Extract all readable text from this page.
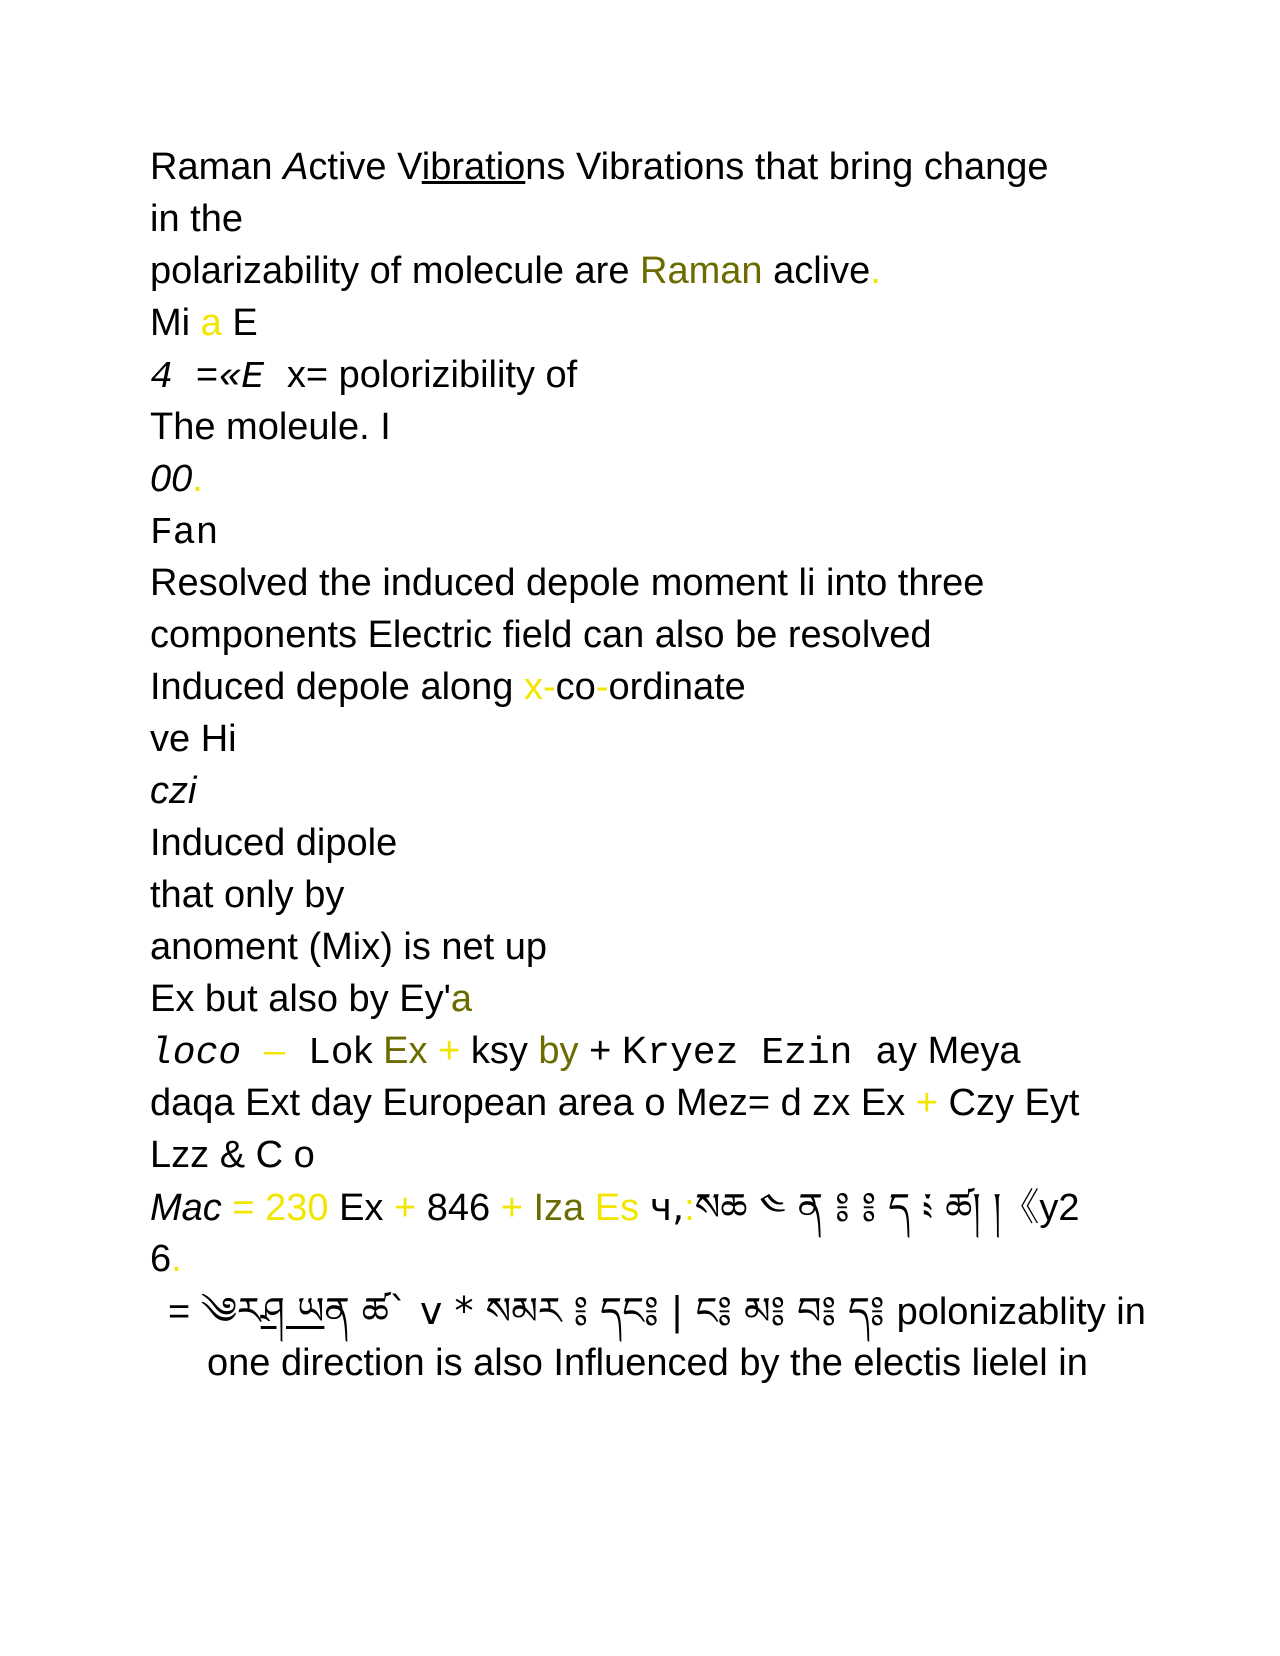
Raman Active Vibrations Vibrations that bring change
in the
polarizability of molecule are Raman aclive.
Mi a E
4 =«E x= polorizibility of
The moleule. I
00.
Fan
Resolved the induced depole moment li into three
components Electric field can also be resolved
Induced depole along x-co-ordinate
ve Hi
czi
Induced dipole
that only by
anoment (Mix) is net up
Ex but also by Ey'a
loco – Lok Ex + ksy by + Kryez Ezin ay Meya
daqa Ext day European area o Mez= d zx Ex + Czy Eyt
Lzz & C o
Mac = 230 Ex + 846 + Iza Es ч,:སཆ ༤ ན ༔ ༔ ད ༴ ཚ། །《y2
6.
= ༄རཤ ཡན ཚ` v * སམར ༔ དང༔ | ང༔ མ༔ བ༔ ད༔ polonizablity in
one direction is also Influenced by the electis lielel in
